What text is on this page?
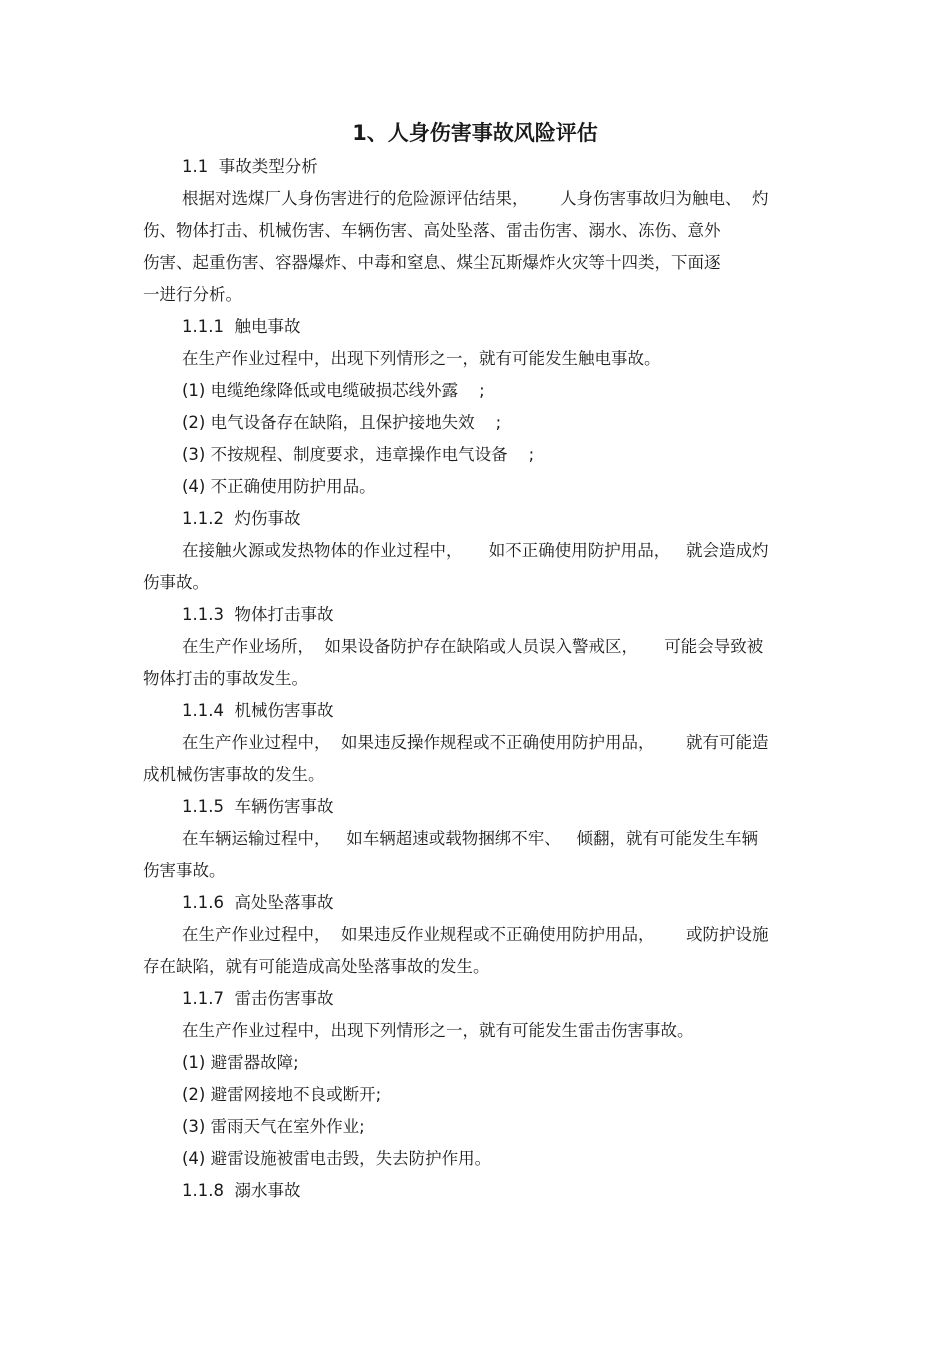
1、人身伤害事故风险评估

1.1  事故类型分析

根据对选煤厂人身伤害进行的危险源评估结果，      人身伤害事故归为触电、  灼

伤、物体打击、机械伤害、车辆伤害、高处坠落、雷击伤害、溺水、冻伤、意外

伤害、起重伤害、容器爆炸、中毒和窒息、煤尘瓦斯爆炸火灾等十四类，下面逐

一进行分析。

1.1.1  触电事故

在生产作业过程中，出现下列情形之一，就有可能发生触电事故。

(1) 电缆绝缘降低或电缆破损芯线外露    ;

(2) 电气设备存在缺陷，且保护接地失效    ;

(3) 不按规程、制度要求，违章操作电气设备    ;

(4) 不正确使用防护用品。

1.1.2  灼伤事故

在接触火源或发热物体的作业过程中，     如不正确使用防护用品，   就会造成灼

伤事故。

1.1.3  物体打击事故

在生产作业场所，  如果设备防护存在缺陷或人员误入警戒区，     可能会导致被

物体打击的事故发生。

1.1.4  机械伤害事故

在生产作业过程中，  如果违反操作规程或不正确使用防护用品，      就有可能造

成机械伤害事故的发生。

1.1.5  车辆伤害事故

在车辆运输过程中，   如车辆超速或载物捆绑不牢、   倾翻，就有可能发生车辆

伤害事故。

1.1.6  高处坠落事故

在生产作业过程中，  如果违反作业规程或不正确使用防护用品，      或防护设施

存在缺陷，就有可能造成高处坠落事故的发生。

1.1.7  雷击伤害事故

在生产作业过程中，出现下列情形之一，就有可能发生雷击伤害事故。

(1) 避雷器故障;

(2) 避雷网接地不良或断开;

(3) 雷雨天气在室外作业;

(4) 避雷设施被雷电击毁，失去防护作用。

1.1.8  溺水事故
